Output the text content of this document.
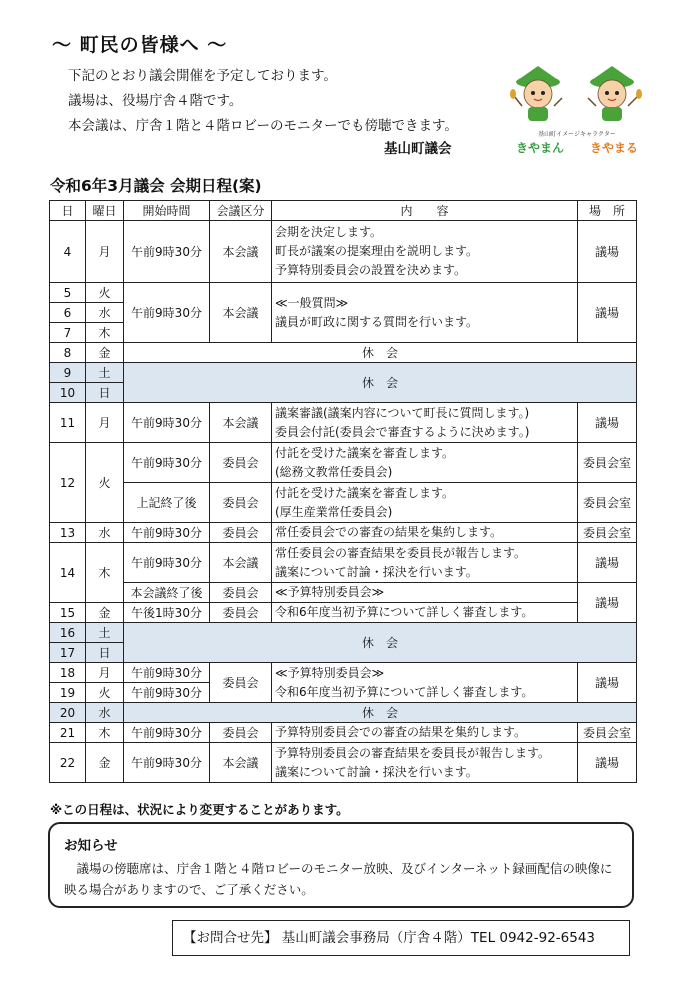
～ 町民の皆様へ ～
下記のとおり議会開催を予定しております。
議場は、役場庁舎４階です。
本会議は、庁舎１階と４階ロビーのモニターでも傍聴できます。
基山町議会
基山町イメージキャラクター
きやまん きやまる
令和6年3月議会 会期日程(案)
日	曜日	開始時間	会議区分	内　　容	場　所
4	月	午前9時30分	本会議	会期を決定します。
町長が議案の提案理由を説明します。
予算特別委員会の設置を決めます。	議場
5	火	午前9時30分	本会議	≪一般質問≫
議員が町政に関する質問を行います。	議場
6	水				
7	木				
8	金	休　会			
9	土	休　会			
10	日				
11	月	午前9時30分	本会議	議案審議(議案内容について町長に質問します。)
委員会付託(委員会で審査するように決めます。)	議場
12	火	午前9時30分	委員会	付託を受けた議案を審査します。
(総務文教常任委員会)	委員会室
		上記終了後	委員会	付託を受けた議案を審査します。
(厚生産業常任委員会)	委員会室
13	水	午前9時30分	委員会	常任委員会での審査の結果を集約します。	委員会室
14	木	午前9時30分	本会議	常任委員会の審査結果を委員長が報告します。
議案について討論・採決を行います。	議場
		本会議終了後	委員会	≪予算特別委員会≫	議場
15	金	午後1時30分	委員会	令和6年度当初予算について詳しく審査します。	

16	土	休　会			
17	日				
18	月	午前9時30分	委員会	≪予算特別委員会≫
令和6年度当初予算について詳しく審査します。	議場
19	火	午前9時30分			
20	水	休　会			
21	木	午前9時30分	委員会	予算特別委員会での審査の結果を集約します。	委員会室
22	金	午前9時30分	本会議	予算特別委員会の審査結果を委員長が報告します。
議案について討論・採決を行います。	議場
※この日程は、状況により変更することがあります。
お知らせ
議場の傍聴席は、庁舎１階と４階ロビーのモニター放映、及びインターネット録画配信の映像に映る場合がありますので、ご了承ください。
【お問合せ先】 基山町議会事務局（庁舎４階）TEL 0942-92-6543
